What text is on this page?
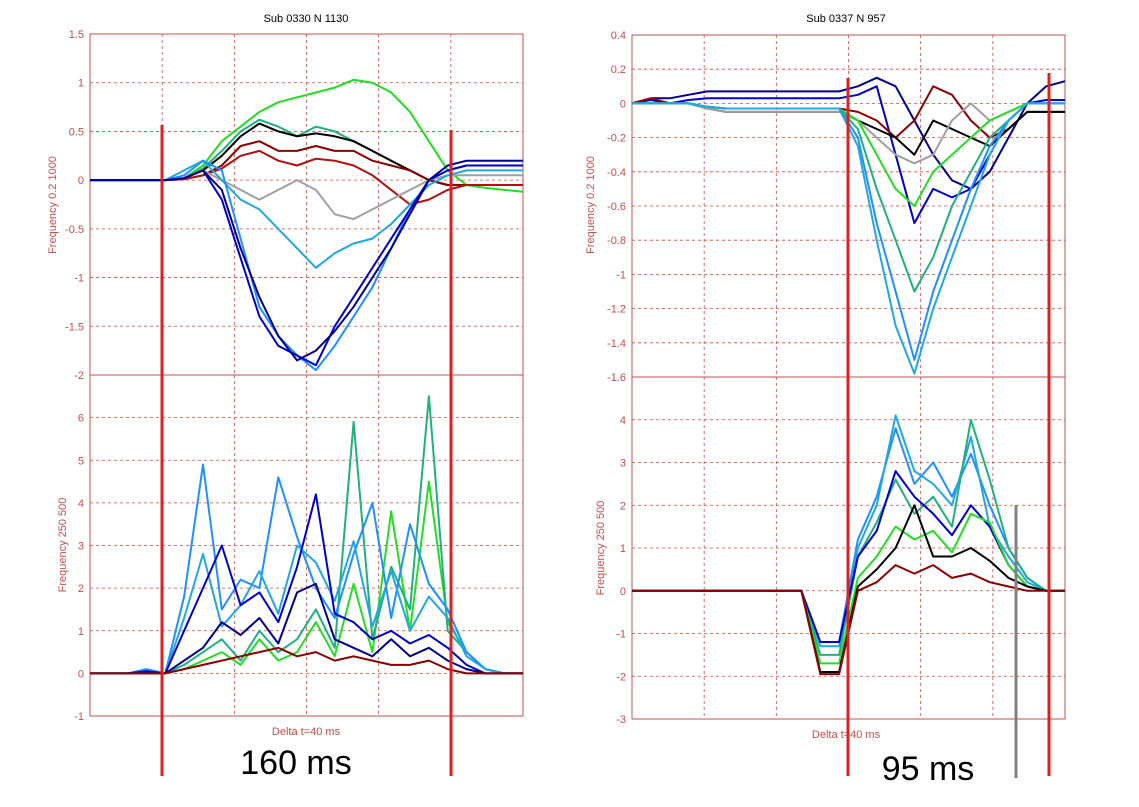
Sub 0330 N 1130	Sub 0337 N 957
Frequency 0.2 1000
Frequency 250 500
Frequency 0.2 1000
Frequency 250 500
Delta t=40 ms	Delta t=40 ms
1.5
1
0.5
0
-0.5
-1
-1.5
-2
6
5
4
3
2
1
0
-1
0.4
0.2
0
-0.2
-0.4
-0.6
-0.8
-1
-1.2
-1.4
-1.6
4
3
2
1
0
-1
-2
-3
160 ms	95 ms
